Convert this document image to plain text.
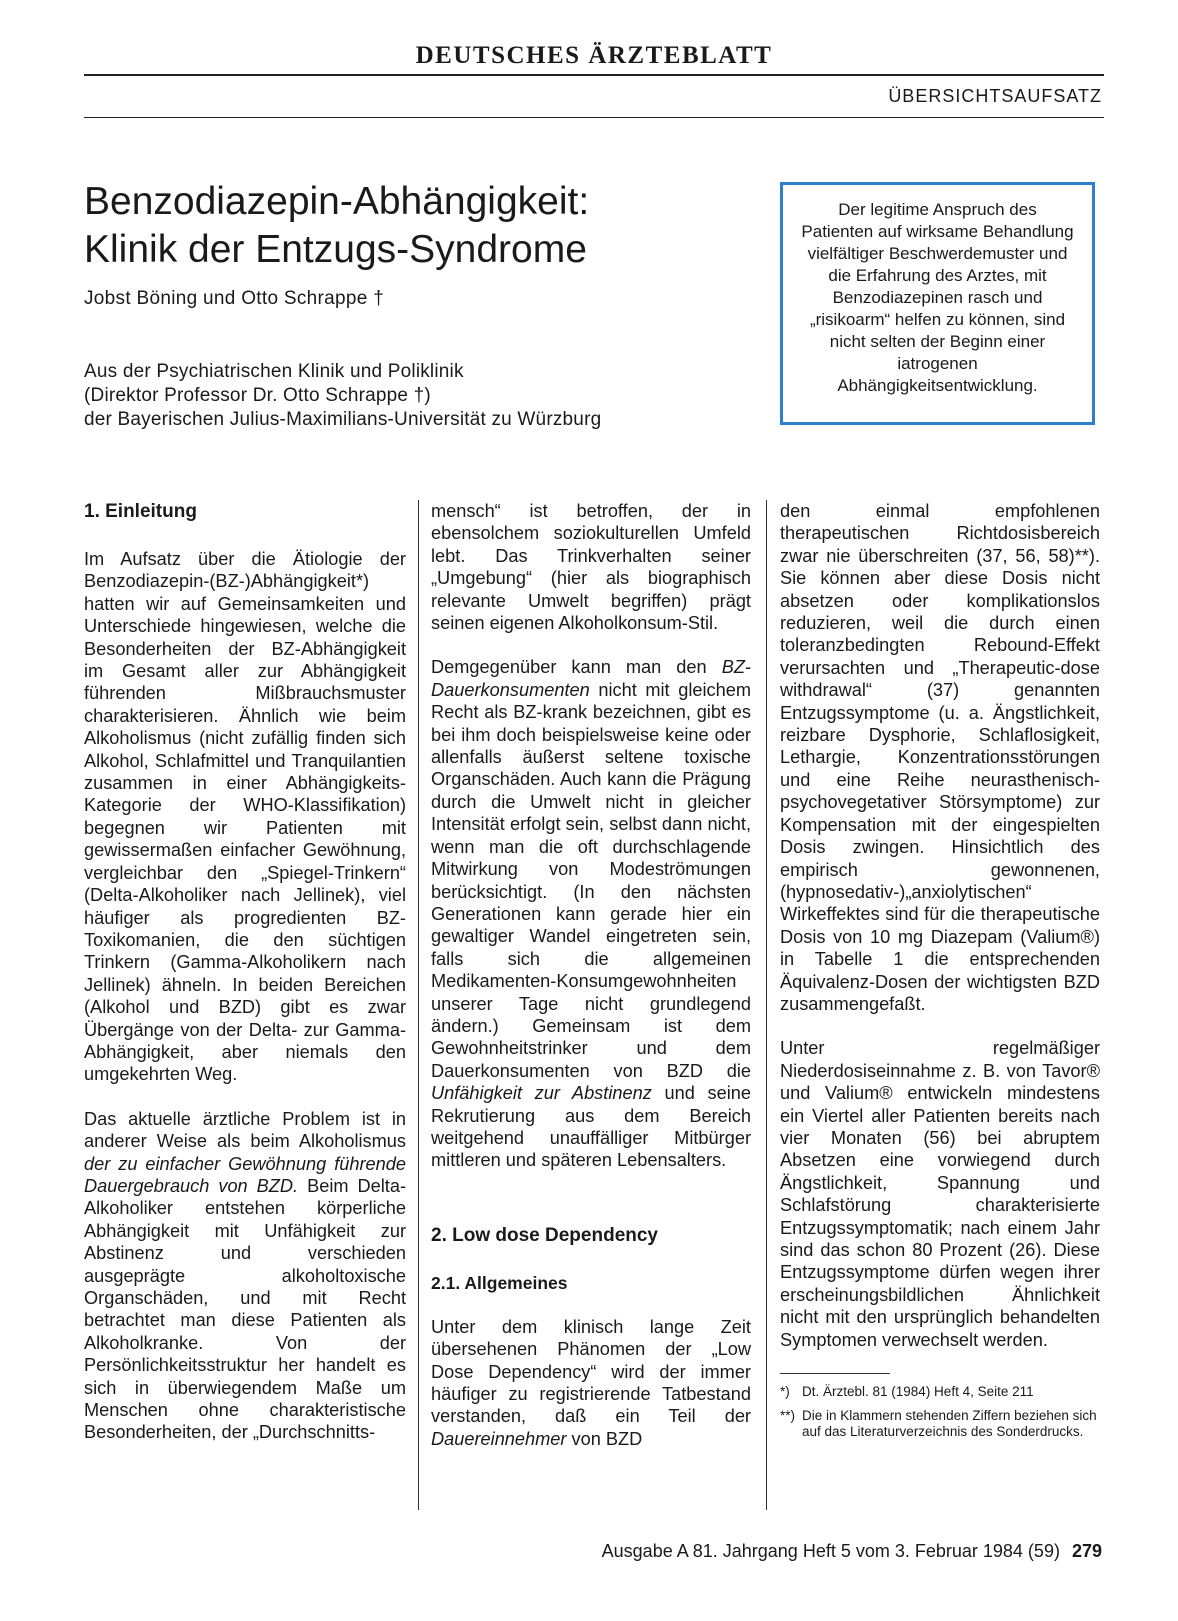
DEUTSCHES ÄRZTEBLATT
ÜBERSICHTSAUFSATZ
Benzodiazepin-Abhängigkeit:
Klinik der Entzugs-Syndrome
Jobst Böning und Otto Schrappe †
Aus der Psychiatrischen Klinik und Poliklinik
(Direktor Professor Dr. Otto Schrappe †)
der Bayerischen Julius-Maximilians-Universität zu Würzburg
Der legitime Anspruch des Patienten auf wirksame Behandlung vielfältiger Beschwerdemuster und die Erfahrung des Arztes, mit Benzodiazepinen rasch und „risikoarm“ helfen zu können, sind nicht selten der Beginn einer iatrogenen Abhängigkeitsentwicklung.
1. Einleitung

Im Aufsatz über die Ätiologie der Benzodiazepin-(BZ-)Abhängigkeit*) hatten wir auf Gemeinsamkeiten und Unterschiede hingewiesen, welche die Besonderheiten der BZ-Abhängigkeit im Gesamt aller zur Abhängigkeit führenden Mißbrauchsmuster charakterisieren. Ähnlich wie beim Alkoholismus (nicht zufällig finden sich Alkohol, Schlafmittel und Tranquilantien zusammen in einer Abhängigkeits-Kategorie der WHO-Klassifikation) begegnen wir Patienten mit gewissermaßen einfacher Gewöhnung, vergleichbar den „Spiegel-Trinkern“ (Delta-Alkoholiker nach Jellinek), viel häufiger als progredienten BZ-Toxikomanien, die den süchtigen Trinkern (Gamma-Alkoholikern nach Jellinek) ähneln. In beiden Bereichen (Alkohol und BZD) gibt es zwar Übergänge von der Delta- zur Gamma-Abhängigkeit, aber niemals den umgekehrten Weg.

Das aktuelle ärztliche Problem ist in anderer Weise als beim Alkoholismus der zu einfacher Gewöhnung führende Dauergebrauch von BZD. Beim Delta-Alkoholiker entstehen körperliche Abhängigkeit mit Unfähigkeit zur Abstinenz und verschieden ausgeprägte alkoholtoxische Organschäden, und mit Recht betrachtet man diese Patienten als Alkoholkranke. Von der Persönlichkeitsstruktur her handelt es sich in überwiegendem Maße um Menschen ohne charakteristische Besonderheiten, der „Durchschnitts-

mensch“ ist betroffen, der in ebensolchem soziokulturellen Umfeld lebt. Das Trinkverhalten seiner „Umgebung“ (hier als biographisch relevante Umwelt begriffen) prägt seinen eigenen Alkoholkonsum-Stil.

Demgegenüber kann man den BZ-Dauerkonsumenten nicht mit gleichem Recht als BZ-krank bezeichnen, gibt es bei ihm doch beispielsweise keine oder allenfalls äußerst seltene toxische Organschäden. Auch kann die Prägung durch die Umwelt nicht in gleicher Intensität erfolgt sein, selbst dann nicht, wenn man die oft durchschlagende Mitwirkung von Modeströmungen berücksichtigt. (In den nächsten Generationen kann gerade hier ein gewaltiger Wandel eingetreten sein, falls sich die allgemeinen Medikamenten-Konsumgewohnheiten unserer Tage nicht grundlegend ändern.) Gemeinsam ist dem Gewohnheitstrinker und dem Dauerkonsumenten von BZD die Unfähigkeit zur Abstinenz und seine Rekrutierung aus dem Bereich weitgehend unauffälliger Mitbürger mittleren und späteren Lebensalters.

2. Low dose Dependency
2.1. Allgemeines

Unter dem klinisch lange Zeit übersehenen Phänomen der „Low Dose Dependency“ wird der immer häufiger zu registrierende Tatbestand verstanden, daß ein Teil der Dauereinnehmer von BZD

den einmal empfohlenen therapeutischen Richtdosisbereich zwar nie überschreiten (37, 56, 58)**). Sie können aber diese Dosis nicht absetzen oder komplikationslos reduzieren, weil die durch einen toleranzbedingten Rebound-Effekt verursachten und „Therapeutic-dose withdrawal“ (37) genannten Entzugssymptome (u. a. Ängstlichkeit, reizbare Dysphorie, Schlaflosigkeit, Lethargie, Konzentrationsstörungen und eine Reihe neurasthenisch-psychovegetativer Störsymptome) zur Kompensation mit der eingespielten Dosis zwingen. Hinsichtlich des empirisch gewonnenen, (hypnosedativ-)„anxiolytischen“ Wirkeffektes sind für die therapeutische Dosis von 10 mg Diazepam (Valium®) in Tabelle 1 die entsprechenden Äquivalenz-Dosen der wichtigsten BZD zusammengefaßt.

Unter regelmäßiger Niederdosiseinnahme z. B. von Tavor® und Valium® entwickeln mindestens ein Viertel aller Patienten bereits nach vier Monaten (56) bei abruptem Absetzen eine vorwiegend durch Ängstlichkeit, Spannung und Schlafstörung charakterisierte Entzugssymptomatik; nach einem Jahr sind das schon 80 Prozent (26). Diese Entzugssymptome dürfen wegen ihrer erscheinungsbildlichen Ähnlichkeit nicht mit den ursprünglich behandelten Symptomen verwechselt werden.

*) Dt. Ärztebl. 81 (1984) Heft 4, Seite 211
**) Die in Klammern stehenden Ziffern beziehen sich auf das Literaturverzeichnis des Sonderdrucks.
Ausgabe A 81. Jahrgang Heft 5 vom 3. Februar 1984 (59) 279
